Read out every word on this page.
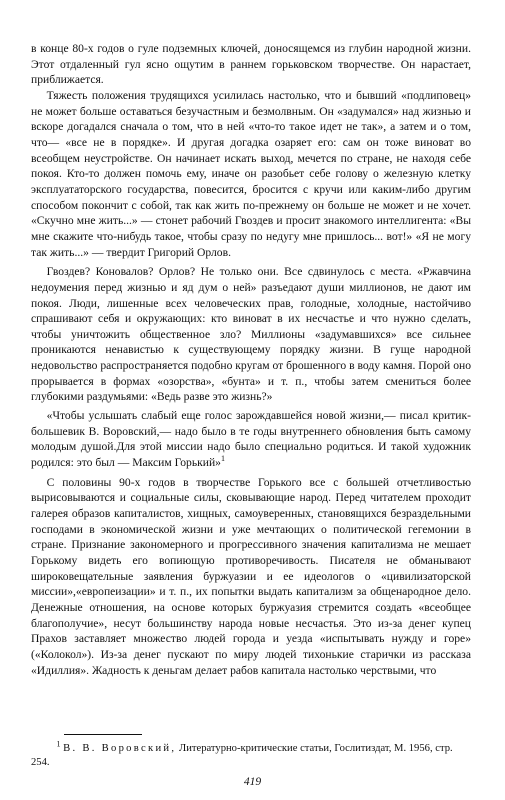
в конце 80-х годов о гуле подземных ключей, доносящемся из глубин народной жизни. Этот отдаленный гул ясно ощутим в раннем горьковском творчестве. Он нарастает, приближается.

Тяжесть положения трудящихся усилилась настолько, что и бывший «подлиповец» не может больше оставаться безучастным и безмолвным. Он «задумался» над жизнью и вскоре догадался сначала о том, что в ней «что-то такое идет не так», а затем и о том, что— «все не в порядке». И другая догадка озаряет его: сам он тоже виноват во всеобщем неустройстве. Он начинает искать выход, мечется по стране, не находя себе покоя. Кто-то должен помочь ему, иначе он разобьет себе голову о железную клетку эксплуататорского государства, повесится, бросится с кручи или каким-либо другим способом покончит с собой, так как жить по-прежнему он больше не может и не хочет. «Скучно мне жить...» — стонет рабочий Гвоздев и просит знакомого интеллигента: «Вы мне скажите что-нибудь такое, чтобы сразу по недугу мне пришлось... вот!» «Я не могу так жить...» — твердит Григорий Орлов.

Гвоздев? Коновалов? Орлов? Не только они. Все сдвинулось с места. «Ржавчина недоумения перед жизнью и яд дум о ней» разъедают души миллионов, не дают им покоя. Люди, лишенные всех человеческих прав, голодные, холодные, настойчиво спрашивают себя и окружающих: кто виноват в их несчастье и что нужно сделать, чтобы уничтожить общественное зло? Миллионы «задумавшихся» все сильнее проникаются ненавистью к существующему порядку жизни. В гуще народной недовольство распространяется подобно кругам от брошенного в воду камня. Порой оно прорывается в формах «озорства», «бунта» и т. п., чтобы затем смениться более глубокими раздумьями: «Ведь разве это жизнь?»

«Чтобы услышать слабый еще голос зарождавшейся новой жизни,— писал критик-большевик В. Воровский,— надо было в те годы внутреннего обновления быть самому молодым душой.Для этой миссии надо было специально родиться. И такой художник родился: это был — Максим Горький»$^1$

С половины 90-х годов в творчестве Горького все с большей отчетливостью вырисовываются и социальные силы, сковывающие народ. Перед читателем проходит галерея образов капиталистов, хищных, самоуверенных, становящихся безраздельными господами в экономической жизни и уже мечтающих о политической гегемонии в стране. Признание закономерного и прогрессивного значения капитализма не мешает Горькому видеть его вопиющую противоречивость. Писателя не обманывают широковещательные заявления буржуазии и ее идеологов о «цивилизаторской миссии»,«европеизации» и т. п., их попытки выдать капитализм за общенародное дело. Денежные отношения, на основе которых буржуазия стремится создать «всеобщее благополучие», несут большинству народа новые несчастья. Это из-за денег купец Прахов заставляет множество людей города и уезда «испытывать нужду и горе» («Колокол»). Из-за денег пускают по миру людей тихонькие старички из рассказа «Идиллия». Жадность к деньгам делает рабов капитала настолько черствыми, что

$^1$ В. В. Воровский, Литературно-критические статьи, Гослитиздат, М. 1956, стр. 254.
419
